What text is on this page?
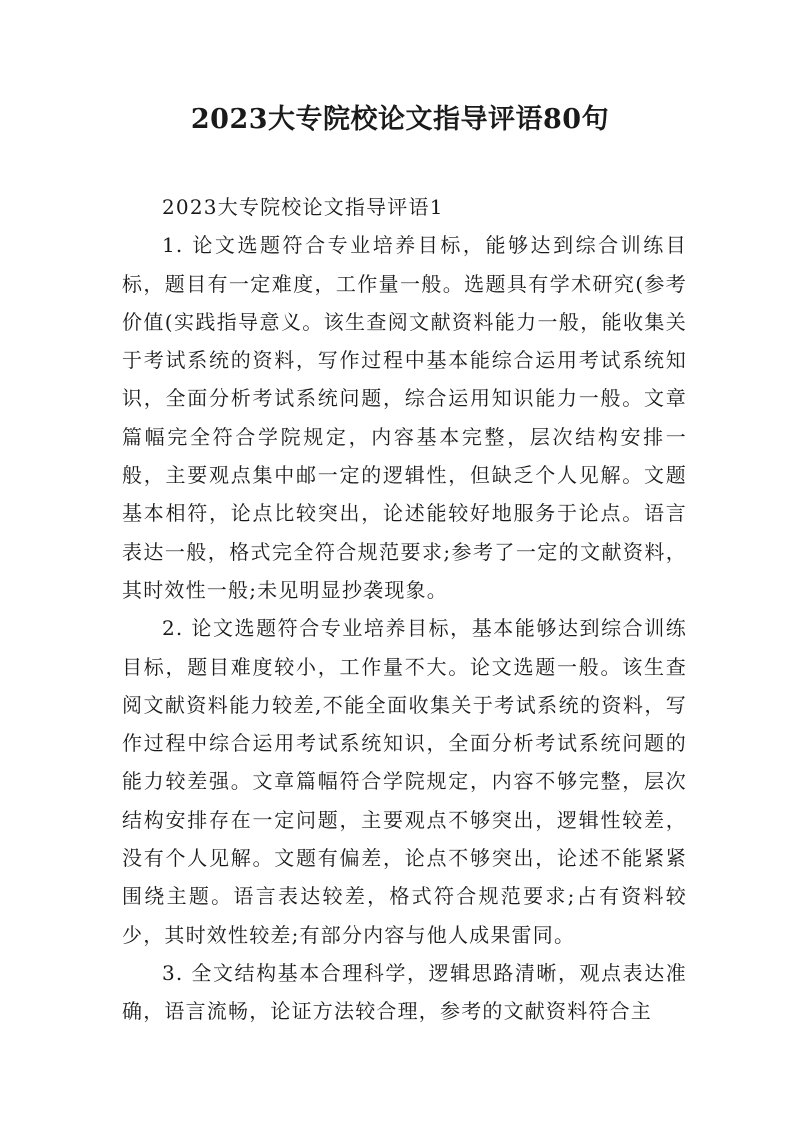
2023大专院校论文指导评语80句

2023大专院校论文指导评语1

1. 论文选题符合专业培养目标，能够达到综合训练目标，题目有一定难度，工作量一般。选题具有学术研究(参考价值(实践指导意义。该生查阅文献资料能力一般，能收集关于考试系统的资料，写作过程中基本能综合运用考试系统知识，全面分析考试系统问题，综合运用知识能力一般。文章篇幅完全符合学院规定，内容基本完整，层次结构安排一般，主要观点集中邮一定的逻辑性，但缺乏个人见解。文题基本相符，论点比较突出，论述能较好地服务于论点。语言表达一般，格式完全符合规范要求;参考了一定的文献资料，其时效性一般;未见明显抄袭现象。

2. 论文选题符合专业培养目标，基本能够达到综合训练目标，题目难度较小，工作量不大。论文选题一般。该生查阅文献资料能力较差,不能全面收集关于考试系统的资料，写作过程中综合运用考试系统知识，全面分析考试系统问题的能力较差强。文章篇幅符合学院规定，内容不够完整，层次结构安排存在一定问题，主要观点不够突出，逻辑性较差，没有个人见解。文题有偏差，论点不够突出，论述不能紧紧围绕主题。语言表达较差，格式符合规范要求;占有资料较少，其时效性较差;有部分内容与他人成果雷同。

3. 全文结构基本合理科学，逻辑思路清晰，观点表达准确，语言流畅，论证方法较合理，参考的文献资料符合主
